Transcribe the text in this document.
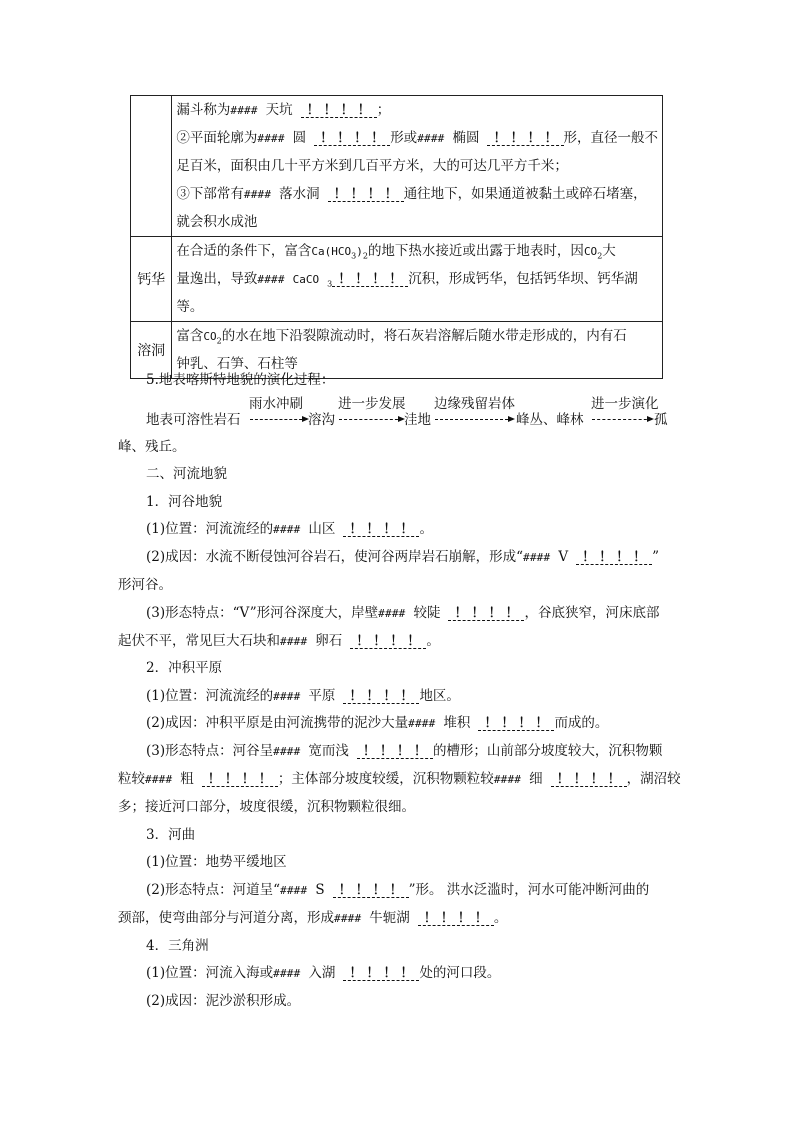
	漏斗称为#### 天坑 ！！！！ ；
②平面轮廓为#### 圆 ！！！！ 形或#### 椭圆 ！！！！ 形，直径一般不
足百米，面积由几十平方米到几百平方米，大的可达几平方千米；
③下部常有#### 落水洞 ！！！！ 通往地下，如果通道被黏土或碎石堵塞，
就会积水成池

钙华	在合适的条件下，富含$Ca(HCO_3)_2$的地下热水接近或出露于地表时，因$CO_2$大
量逸出，导致#### CaCO $_3$ ！！！！ 沉积，形成钙华，包括钙华坝、钙华湖
等。

溶洞	富含$CO_2$的水在地下沿裂隙流动时，将石灰岩溶解后随水带走形成的，内有石
钟乳、石笋、石柱等
5.地表喀斯特地貌的演化过程：
地表可溶性岩石
雨水冲刷
溶沟
进一步发展
洼地
边缘残留岩体
峰丛、峰林
进一步演化
孤
峰、残丘。
二、河流地貌
1．河谷地貌
(1)位置：河流流经的#### 山区 ！！！！ 。
(2)成因：水流不断侵蚀河谷岩石，使河谷两岸岩石崩解，形成“#### V ！！！！ ”
形河谷。
(3)形态特点：“V”形河谷深度大，岸壁#### 较陡 ！！！！ ，谷底狭窄，河床底部
起伏不平，常见巨大石块和#### 卵石 ！！！！ 。
2．冲积平原
(1)位置：河流流经的#### 平原 ！！！！ 地区。
(2)成因：冲积平原是由河流携带的泥沙大量#### 堆积 ！！！！ 而成的。
(3)形态特点：河谷呈#### 宽而浅 ！！！！ 的槽形；山前部分坡度较大，沉积物颗
粒较#### 粗 ！！！！ ；主体部分坡度较缓，沉积物颗粒较#### 细 ！！！！ ，湖沼较
多；接近河口部分，坡度很缓，沉积物颗粒很细。
3．河曲
(1)位置：地势平缓地区
(2)形态特点：河道呈“#### S ！！！！ ”形。 洪水泛滥时，河水可能冲断河曲的
颈部，使弯曲部分与河道分离，形成#### 牛轭湖 ！！！！ 。
4．三角洲
(1)位置：河流入海或#### 入湖 ！！！！ 处的河口段。
(2)成因：泥沙淤积形成。
